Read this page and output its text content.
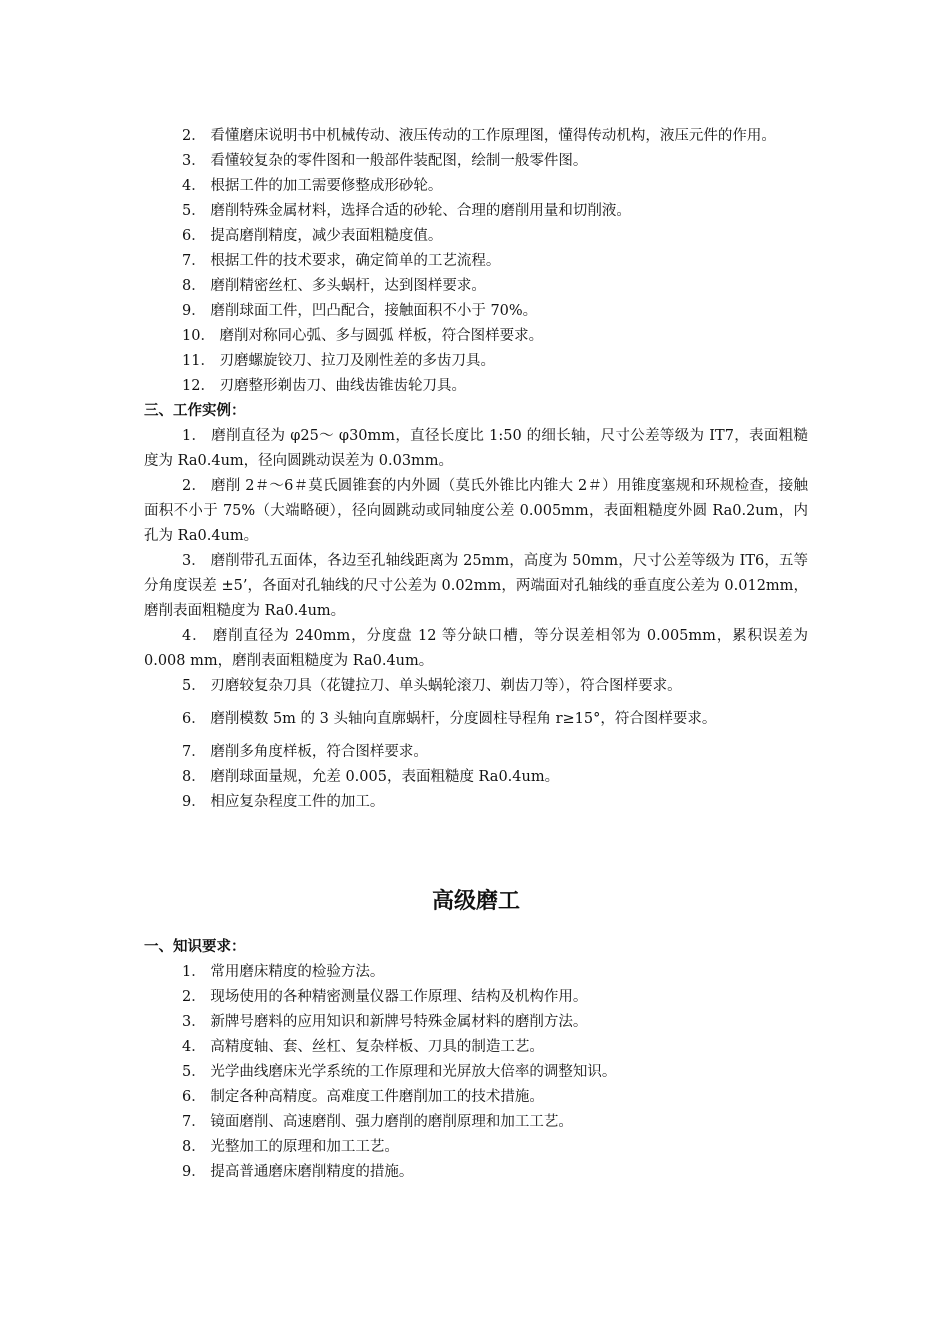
2． 看懂磨床说明书中机械传动、液压传动的工作原理图，懂得传动机构，液压元件的作用。

3． 看懂较复杂的零件图和一般部件装配图，绘制一般零件图。

4． 根据工件的加工需要修整成形砂轮。

5． 磨削特殊金属材料，选择合适的砂轮、合理的磨削用量和切削液。

6． 提高磨削精度，减少表面粗糙度值。

7． 根据工件的技术要求，确定简单的工艺流程。

8． 磨削精密丝杠、多头蜗杆，达到图样要求。

9． 磨削球面工件，凹凸配合，接触面积不小于 70%。

10． 磨削对称同心弧、多与圆弧 样板，符合图样要求。

11． 刃磨螺旋铰刀、拉刀及刚性差的多齿刀具。

12． 刃磨整形剃齿刀、曲线齿锥齿轮刀具。

三、工作实例：

1． 磨削直径为 φ25～ φ30mm，直径长度比 1:50 的细长轴，尺寸公差等级为 IT7，表面粗糙度为 Ra0.4um，径向圆跳动误差为 0.03mm。

2． 磨削 2＃～6＃莫氏圆锥套的内外圆（莫氏外锥比内锥大 2＃）用锥度塞规和环规检查，接触面积不小于 75%（大端略硬），径向圆跳动或同轴度公差 0.005mm，表面粗糙度外圆 Ra0.2um，内孔为 Ra0.4um。

3． 磨削带孔五面体，各边至孔轴线距离为 25mm，高度为 50mm，尺寸公差等级为 IT6，五等分角度误差 ±5’，各面对孔轴线的尺寸公差为 0.02mm，两端面对孔轴线的垂直度公差为 0.012mm，磨削表面粗糙度为 Ra0.4um。

4． 磨削直径为 240mm，分度盘 12 等分缺口槽，等分误差相邻为 0.005mm，累积误差为 0.008 mm，磨削表面粗糙度为 Ra0.4um。

5． 刃磨较复杂刀具（花键拉刀、单头蜗轮滚刀、剃齿刀等），符合图样要求。

6． 磨削模数 5m 的 3 头轴向直廓蜗杆，分度圆柱导程角 r≥15°，符合图样要求。

7． 磨削多角度样板，符合图样要求。

8． 磨削球面量规，允差 0.005，表面粗糙度 Ra0.4um。

9． 相应复杂程度工件的加工。

高级磨工

一、知识要求：

1． 常用磨床精度的检验方法。

2． 现场使用的各种精密测量仪器工作原理、结构及机构作用。

3． 新牌号磨料的应用知识和新牌号特殊金属材料的磨削方法。

4． 高精度轴、套、丝杠、复杂样板、刀具的制造工艺。

5． 光学曲线磨床光学系统的工作原理和光屏放大倍率的调整知识。

6． 制定各种高精度。高难度工件磨削加工的技术措施。

7． 镜面磨削、高速磨削、强力磨削的磨削原理和加工工艺。

8． 光整加工的原理和加工工艺。

9． 提高普通磨床磨削精度的措施。
